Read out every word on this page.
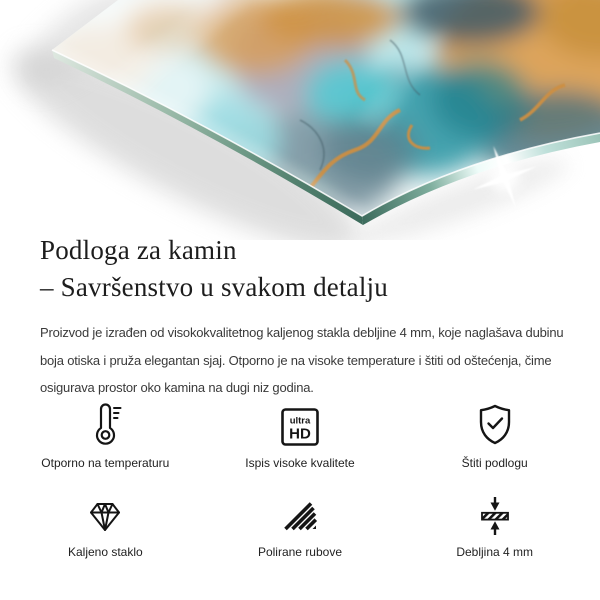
Podloga za kamin
– Savršenstvo u svakom detalju
Proizvod je izrađen od visokokvalitetnog kaljenog stakla debljine 4 mm, koje naglašava dubinu
boja otiska i pruža elegantan sjaj. Otporno je na visoke temperature i štiti od oštećenja, čime
osigurava prostor oko kamina na dugi niz godina.
Otporno na temperaturu
ultra
HD
Ispis visoke kvalitete	Štiti podlogu
Kaljeno staklo	Polirane rubove	Debljina 4 mm
